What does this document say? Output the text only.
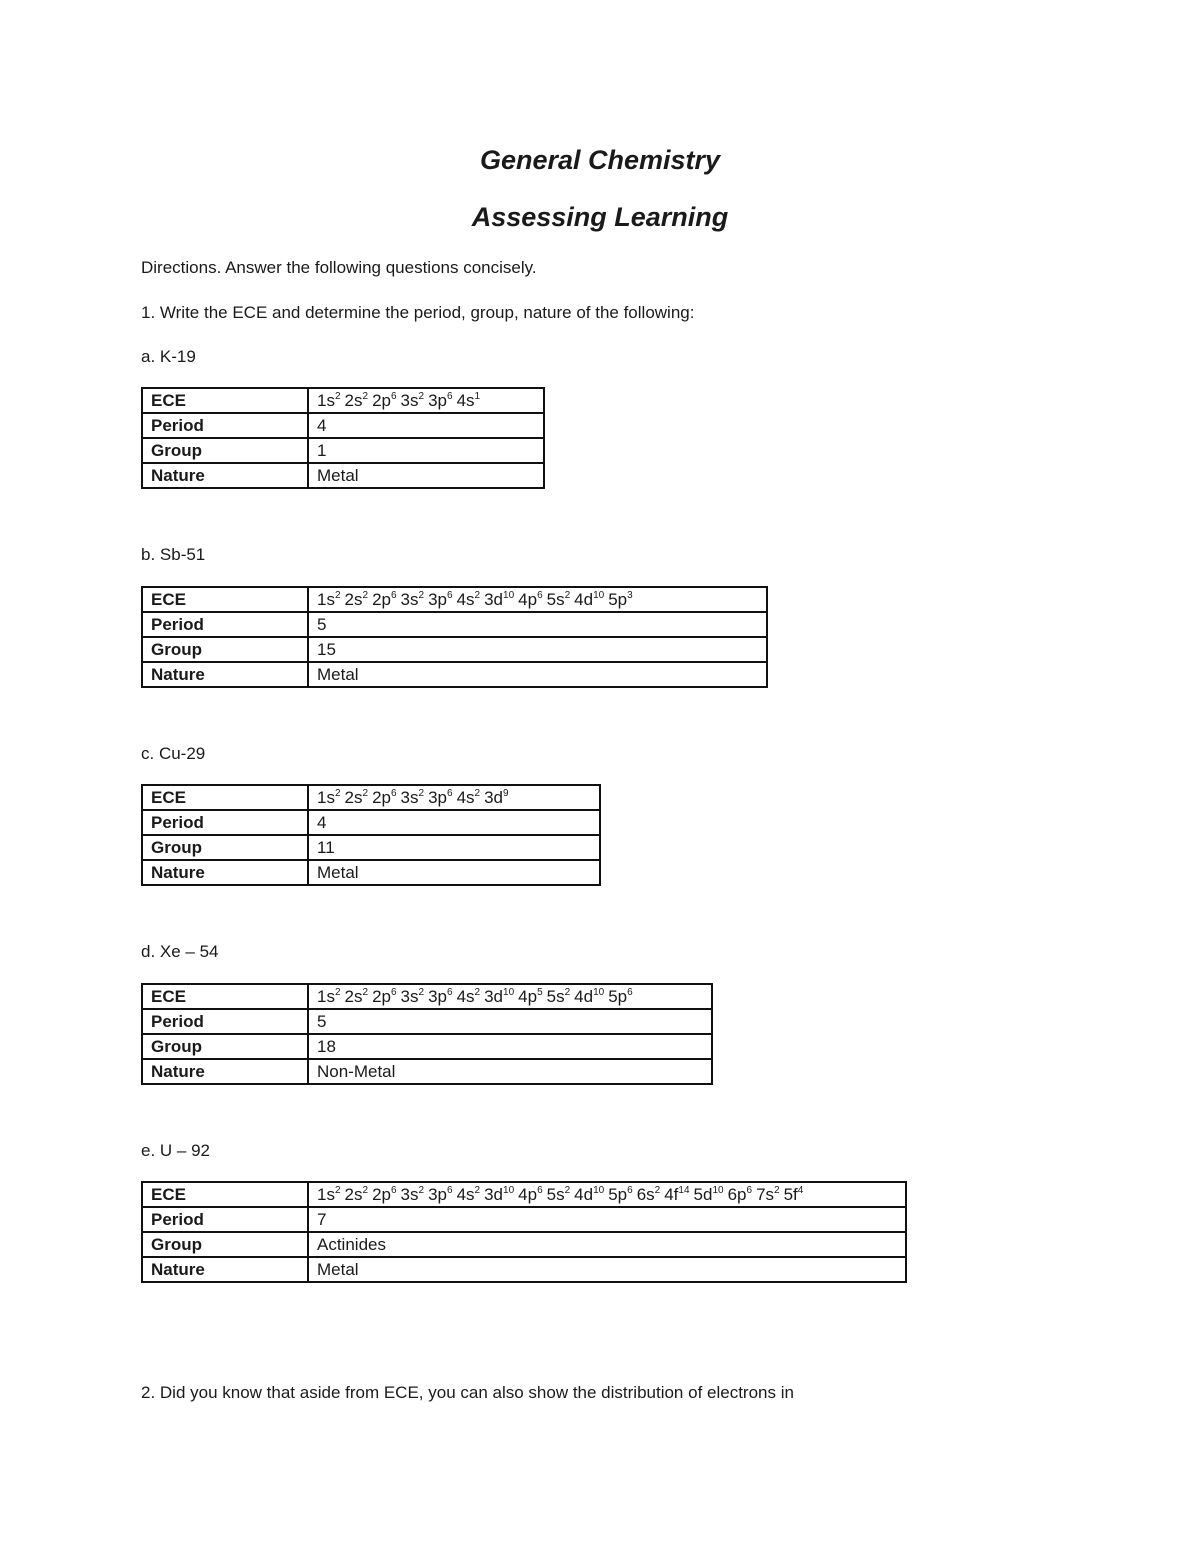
General Chemistry
Assessing Learning

Directions. Answer the following questions concisely.

1. Write the ECE and determine the period, group, nature of the following:

a. K-19

ECE	$1s^2$ $2s^2$ $2p^6$ $3s^2$ $3p^6$ $4s^1$
Period	4
Group	1
Nature	Metal

b. Sb-51

ECE	$1s^2$ $2s^2$ $2p^6$ $3s^2$ $3p^6$ $4s^2$ $3d^{10}$ $4p^6$ $5s^2$ $4d^{10}$ $5p^3$
Period	5
Group	15
Nature	Metal

c. Cu-29

ECE	$1s^2$ $2s^2$ $2p^6$ $3s^2$ $3p^6$ $4s^2$ $3d^9$
Period	4
Group	11
Nature	Metal

d. Xe – 54

ECE	$1s^2$ $2s^2$ $2p^6$ $3s^2$ $3p^6$ $4s^2$ $3d^{10}$ $4p^5$ $5s^2$ $4d^{10}$ $5p^6$
Period	5
Group	18
Nature	Non-Metal

e. U – 92

ECE	$1s^2$ $2s^2$ $2p^6$ $3s^2$ $3p^6$ $4s^2$ $3d^{10}$ $4p^6$ $5s^2$ $4d^{10}$ $5p^6$ $6s^2$ $4f^{14}$ $5d^{10}$ $6p^6$ $7s^2$ $5f^4$
Period	7
Group	Actinides
Nature	Metal

2. Did you know that aside from ECE, you can also show the distribution of electrons in
